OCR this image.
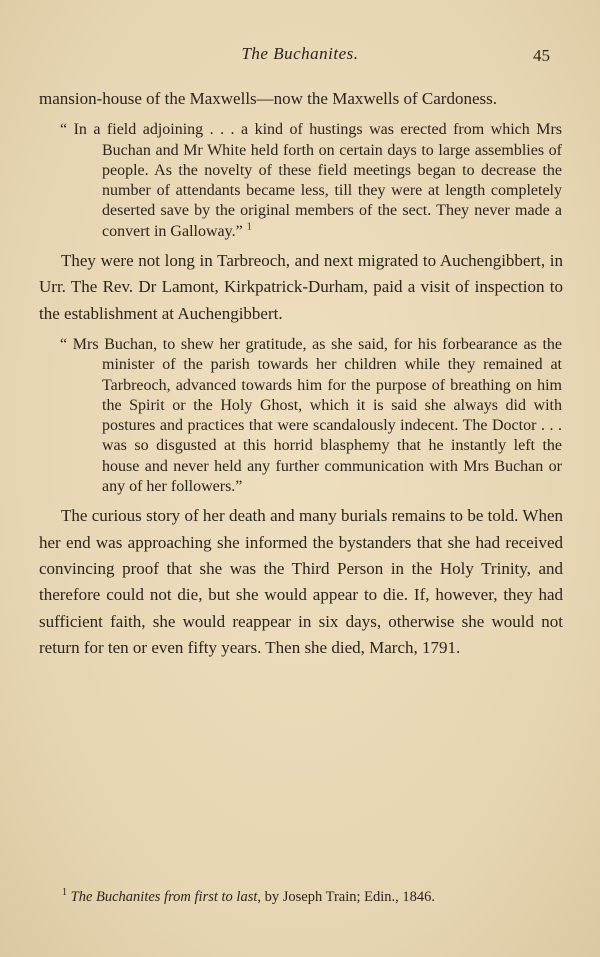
The Buchanites.	45

mansion-house of the Maxwells—now the Maxwells of Cardoness.

“ In a field adjoining . . . a kind of hustings was erected from which Mrs Buchan and Mr White held forth on certain days to large assemblies of people. As the novelty of these field meetings began to decrease the number of attendants became less, till they were at length completely deserted save by the original members of the sect. They never made a convert in Galloway.” $^1$

They were not long in Tarbreoch, and next migrated to Auchengibbert, in Urr. The Rev. Dr Lamont, Kirkpatrick-Durham, paid a visit of inspection to the establishment at Auchengibbert.

“ Mrs Buchan, to shew her gratitude, as she said, for his forbearance as the minister of the parish towards her children while they remained at Tarbreoch, advanced towards him for the purpose of breathing on him the Spirit or the Holy Ghost, which it is said she always did with postures and practices that were scandalously indecent. The Doctor . . . was so disgusted at this horrid blasphemy that he instantly left the house and never held any further communication with Mrs Buchan or any of her followers.”

The curious story of her death and many burials remains to be told. When her end was approaching she informed the bystanders that she had received convincing proof that she was the Third Person in the Holy Trinity, and therefore could not die, but she would appear to die. If, however, they had sufficient faith, she would reappear in six days, otherwise she would not return for ten or even fifty years. Then she died, March, 1791.

$^1$ The Buchanites from first to last, by Joseph Train; Edin., 1846.
